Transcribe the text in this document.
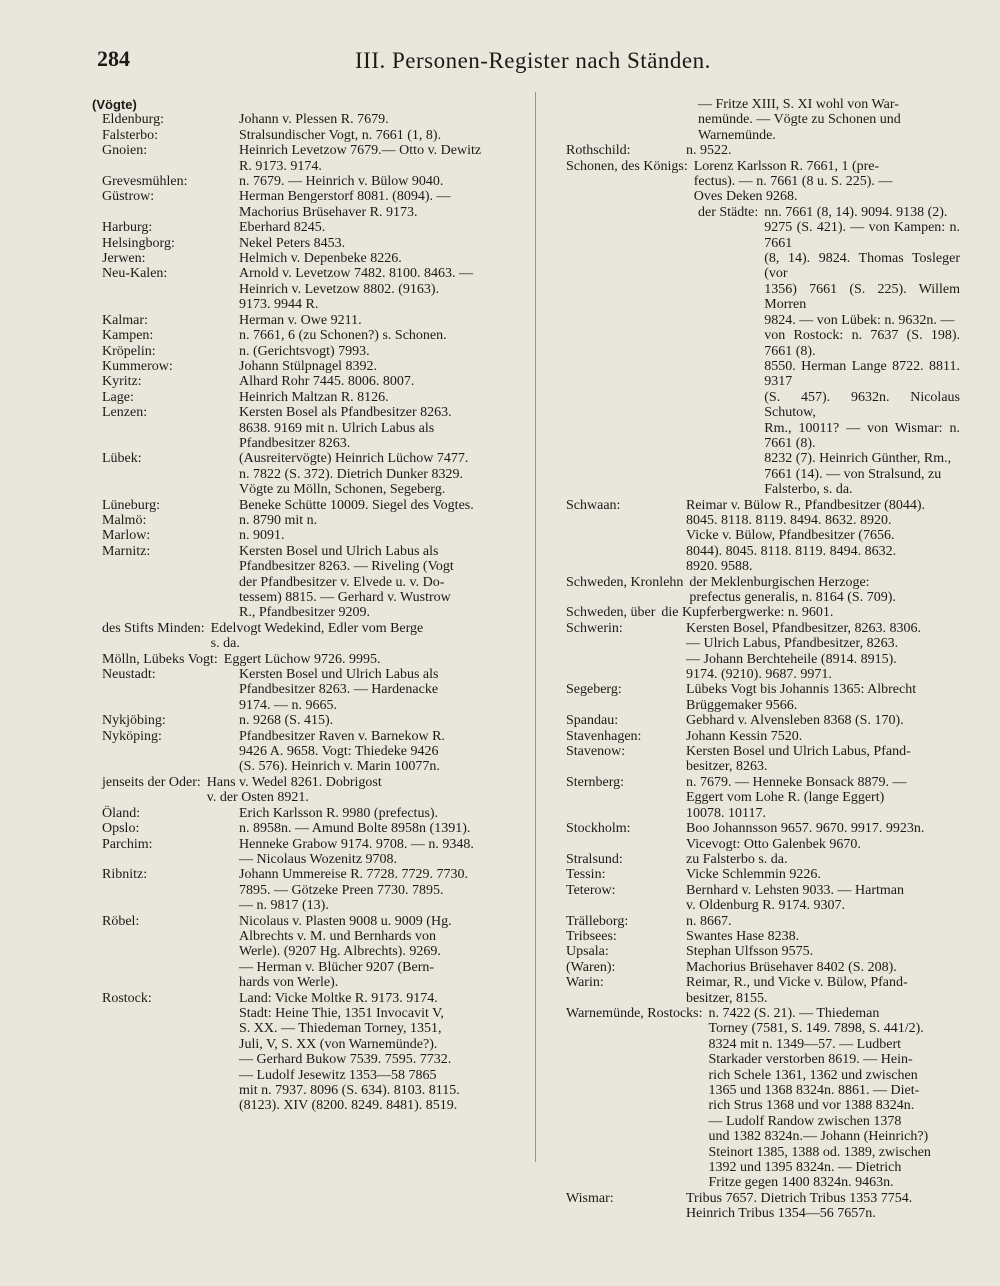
284	III. Personen-Register nach Ständen.
(Vögte)
Eldenburg:	Johann v. Plessen R. 7679.
Falsterbo:	Stralsundischer Vogt, n. 7661 (1, 8).
Gnoien:	Heinrich Levetzow 7679.— Otto v. Dewitz
R. 9173. 9174.
Grevesmühlen:	n. 7679. — Heinrich v. Bülow 9040.
Güstrow:	Herman Bengerstorf 8081. (8094). —
Machorius Brüsehaver R. 9173.
Harburg:	Eberhard 8245.
Helsingborg:	Nekel Peters 8453.
Jerwen:	Helmich v. Depenbeke 8226.
Neu-Kalen:	Arnold v. Levetzow 7482. 8100. 8463. —
Heinrich v. Levetzow 8802. (9163).
9173. 9944 R.
Kalmar:	Herman v. Owe 9211.
Kampen:	n. 7661, 6 (zu Schonen?) s. Schonen.
Kröpelin:	n. (Gerichtsvogt) 7993.
Kummerow:	Johann Stülpnagel 8392.
Kyritz:	Alhard Rohr 7445. 8006. 8007.
Lage:	Heinrich Maltzan R. 8126.
Lenzen:	Kersten Bosel als Pfandbesitzer 8263.
8638. 9169 mit n. Ulrich Labus als
Pfandbesitzer 8263.
Lübek:	(Ausreitervögte) Heinrich Lüchow 7477.
n. 7822 (S. 372). Dietrich Dunker 8329.
Vögte zu Mölln, Schonen, Segeberg.
Lüneburg:	Beneke Schütte 10009. Siegel des Vogtes.
Malmö:	n. 8790 mit n.
Marlow:	n. 9091.
Marnitz:	Kersten Bosel und Ulrich Labus als
Pfandbesitzer 8263. — Riveling (Vogt
der Pfandbesitzer v. Elvede u. v. Do-
tessem) 8815. — Gerhard v. Wustrow
R., Pfandbesitzer 9209.
des Stifts Minden: Edelvogt Wedekind, Edler vom Berge
s. da.
Mölln, Lübeks Vogt: Eggert Lüchow 9726. 9995.
Neustadt:	Kersten Bosel und Ulrich Labus als
Pfandbesitzer 8263. — Hardenacke
9174. — n. 9665.
Nykjöbing:	n. 9268 (S. 415).
Nyköping:	Pfandbesitzer Raven v. Barnekow R.
9426 A. 9658. Vogt: Thiedeke 9426
(S. 576). Heinrich v. Marin 10077n.
jenseits der Oder: Hans v. Wedel 8261. Dobrigost
v. der Osten 8921.
Öland:	Erich Karlsson R. 9980 (prefectus).
Opslo:	n. 8958n. — Amund Bolte 8958n (1391).
Parchim:	Henneke Grabow 9174. 9708. — n. 9348.
— Nicolaus Wozenitz 9708.
Ribnitz:	Johann Ummereise R. 7728. 7729. 7730.
7895. — Götzeke Preen 7730. 7895.
— n. 9817 (13).
Röbel:	Nicolaus v. Plasten 9008 u. 9009 (Hg.
Albrechts v. M. und Bernhards von
Werle). (9207 Hg. Albrechts). 9269.
— Herman v. Blücher 9207 (Bern-
hards von Werle).
Rostock:	Land: Vicke Moltke R. 9173. 9174.
Stadt: Heine Thie, 1351 Invocavit V,
S. XX. — Thiedeman Torney, 1351,
Juli, V, S. XX (von Warnemünde?).
— Gerhard Bukow 7539. 7595. 7732.
— Ludolf Jesewitz 1353—58 7865
mit n. 7937. 8096 (S. 634). 8103. 8115.
(8123). XIV (8200. 8249. 8481). 8519.
— Fritze XIII, S. XI wohl von War-
nemünde. — Vögte zu Schonen und
Warnemünde.
Rothschild:	n. 9522.
Schonen, des Königs: Lorenz Karlsson R. 7661, 1 (pre-
fectus). — n. 7661 (8 u. S. 225). —
Oves Deken 9268.
der Städte: nn. 7661 (8, 14). 9094. 9138 (2).
9275 (S. 421). — von Kampen: n. 7661
(8, 14). 9824. Thomas Tosleger (vor
1356) 7661 (S. 225). Willem Morren
9824. — von Lübek: n. 9632n. —
von Rostock: n. 7637 (S. 198). 7661 (8).
8550. Herman Lange 8722. 8811. 9317
(S. 457). 9632n. Nicolaus Schutow,
Rm., 10011? — von Wismar: n. 7661 (8).
8232 (7). Heinrich Günther, Rm.,
7661 (14). — von Stralsund, zu
Falsterbo, s. da.
Schwaan:	Reimar v. Bülow R., Pfandbesitzer (8044).
8045. 8118. 8119. 8494. 8632. 8920.
Vicke v. Bülow, Pfandbesitzer (7656.
8044). 8045. 8118. 8119. 8494. 8632.
8920. 9588.
Schweden, Kronlehn der Meklenburgischen Herzoge:
prefectus generalis, n. 8164 (S. 709).
Schweden, über die Kupferbergwerke: n. 9601.
Schwerin:	Kersten Bosel, Pfandbesitzer, 8263. 8306.
— Ulrich Labus, Pfandbesitzer, 8263.
— Johann Berchteheile (8914. 8915).
9174. (9210). 9687. 9971.
Segeberg:	Lübeks Vogt bis Johannis 1365: Albrecht
Brüggemaker 9566.
Spandau:	Gebhard v. Alvensleben 8368 (S. 170).
Stavenhagen:	Johann Kessin 7520.
Stavenow:	Kersten Bosel und Ulrich Labus, Pfand-
besitzer, 8263.
Sternberg:	n. 7679. — Henneke Bonsack 8879. —
Eggert vom Lohe R. (lange Eggert)
10078. 10117.
Stockholm:	Boo Johannsson 9657. 9670. 9917. 9923n.
Vicevogt: Otto Galenbek 9670.
Stralsund:	zu Falsterbo s. da.
Tessin:	Vicke Schlemmin 9226.
Teterow:	Bernhard v. Lehsten 9033. — Hartman
v. Oldenburg R. 9174. 9307.
Trälleborg:	n. 8667.
Tribsees:	Swantes Hase 8238.
Upsala:	Stephan Ulfsson 9575.
(Waren):	Machorius Brüsehaver 8402 (S. 208).
Warin:	Reimar, R., und Vicke v. Bülow, Pfand-
besitzer, 8155.
Warnemünde, Rostocks: n. 7422 (S. 21). — Thiedeman
Torney (7581, S. 149. 7898, S. 441/2).
8324 mit n. 1349—57. — Ludbert
Starkader verstorben 8619. — Hein-
rich Schele 1361, 1362 und zwischen
1365 und 1368 8324n. 8861. — Diet-
rich Strus 1368 und vor 1388 8324n.
— Ludolf Randow zwischen 1378
und 1382 8324n.— Johann (Heinrich?)
Steinort 1385, 1388 od. 1389, zwischen
1392 und 1395 8324n. — Dietrich
Fritze gegen 1400 8324n. 9463n.
Wismar:	Tribus 7657. Dietrich Tribus 1353 7754.
Heinrich Tribus 1354—56 7657n.
